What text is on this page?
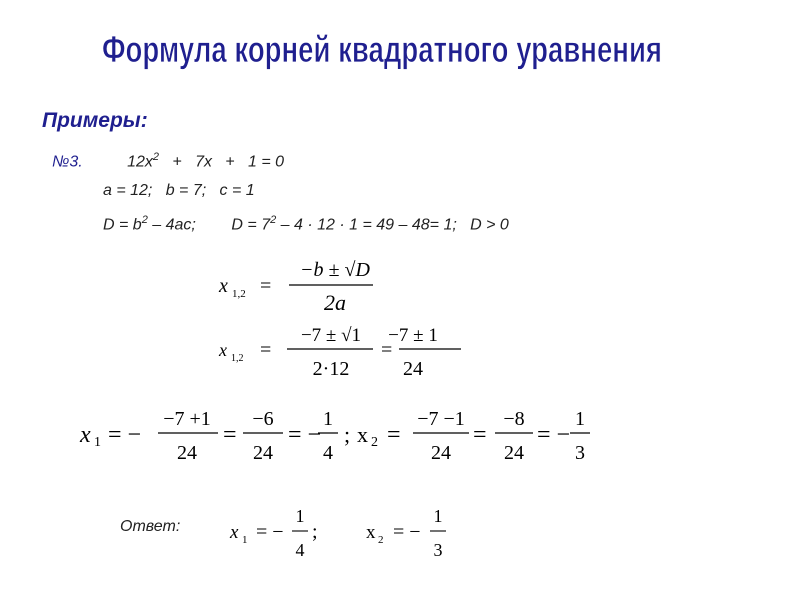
Формула корней квадратного уравнения
Примеры:
№3.	$12x^2 + 7x + 1 = 0$
a = 12;   b = 7;   c = 1
$D = b^2 - 4ac$; $D = 7^2 - 4 \cdot 12 \cdot 1 = 49 - 48= 1$;   D > 0
x 1,2 =
−b ± √D
2a
x 1,2 =
−7 ± √1
2·12
=
−7 ± 1
24
x 1 = −
−7 +1
24
=
−6
24
= −
1
4
; x 2 =
−7 −1
24
=
−8
24
= −
1
3
Ответ:	x 1 = −
1
4
;	x 2 = −
1
3
